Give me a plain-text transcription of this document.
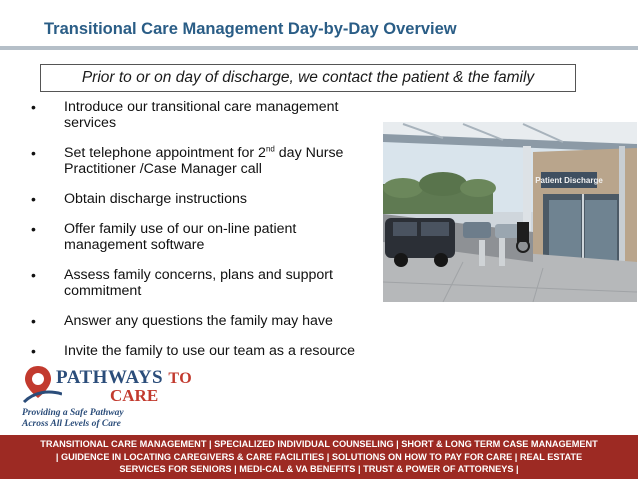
Transitional Care Management Day-by-Day Overview
Prior to or on day of discharge, we contact the patient & the family
• Introduce our transitional care management
services
• Set telephone appointment for 2nd day Nurse
Practitioner /Case Manager call
• Obtain discharge instructions
• Offer family use of our on-line patient
management software
• Assess family concerns, plans and support
commitment
• Answer any questions the family may have
• Invite the family to use our team as a resource
Patient Discharge
PATHWAYS TO
CARE
Providing a Safe Pathway
Across All Levels of Care
TRANSITIONAL CARE MANAGEMENT | SPECIALIZED INDIVIDUAL COUNSELING | SHORT & LONG TERM CASE MANAGEMENT
| GUIDENCE IN LOCATING CAREGIVERS & CARE FACILITIES | SOLUTIONS ON HOW TO PAY FOR CARE | REAL ESTATE
SERVICES FOR SENIORS | MEDI-CAL & VA BENEFITS | TRUST & POWER OF ATTORNEYS |
